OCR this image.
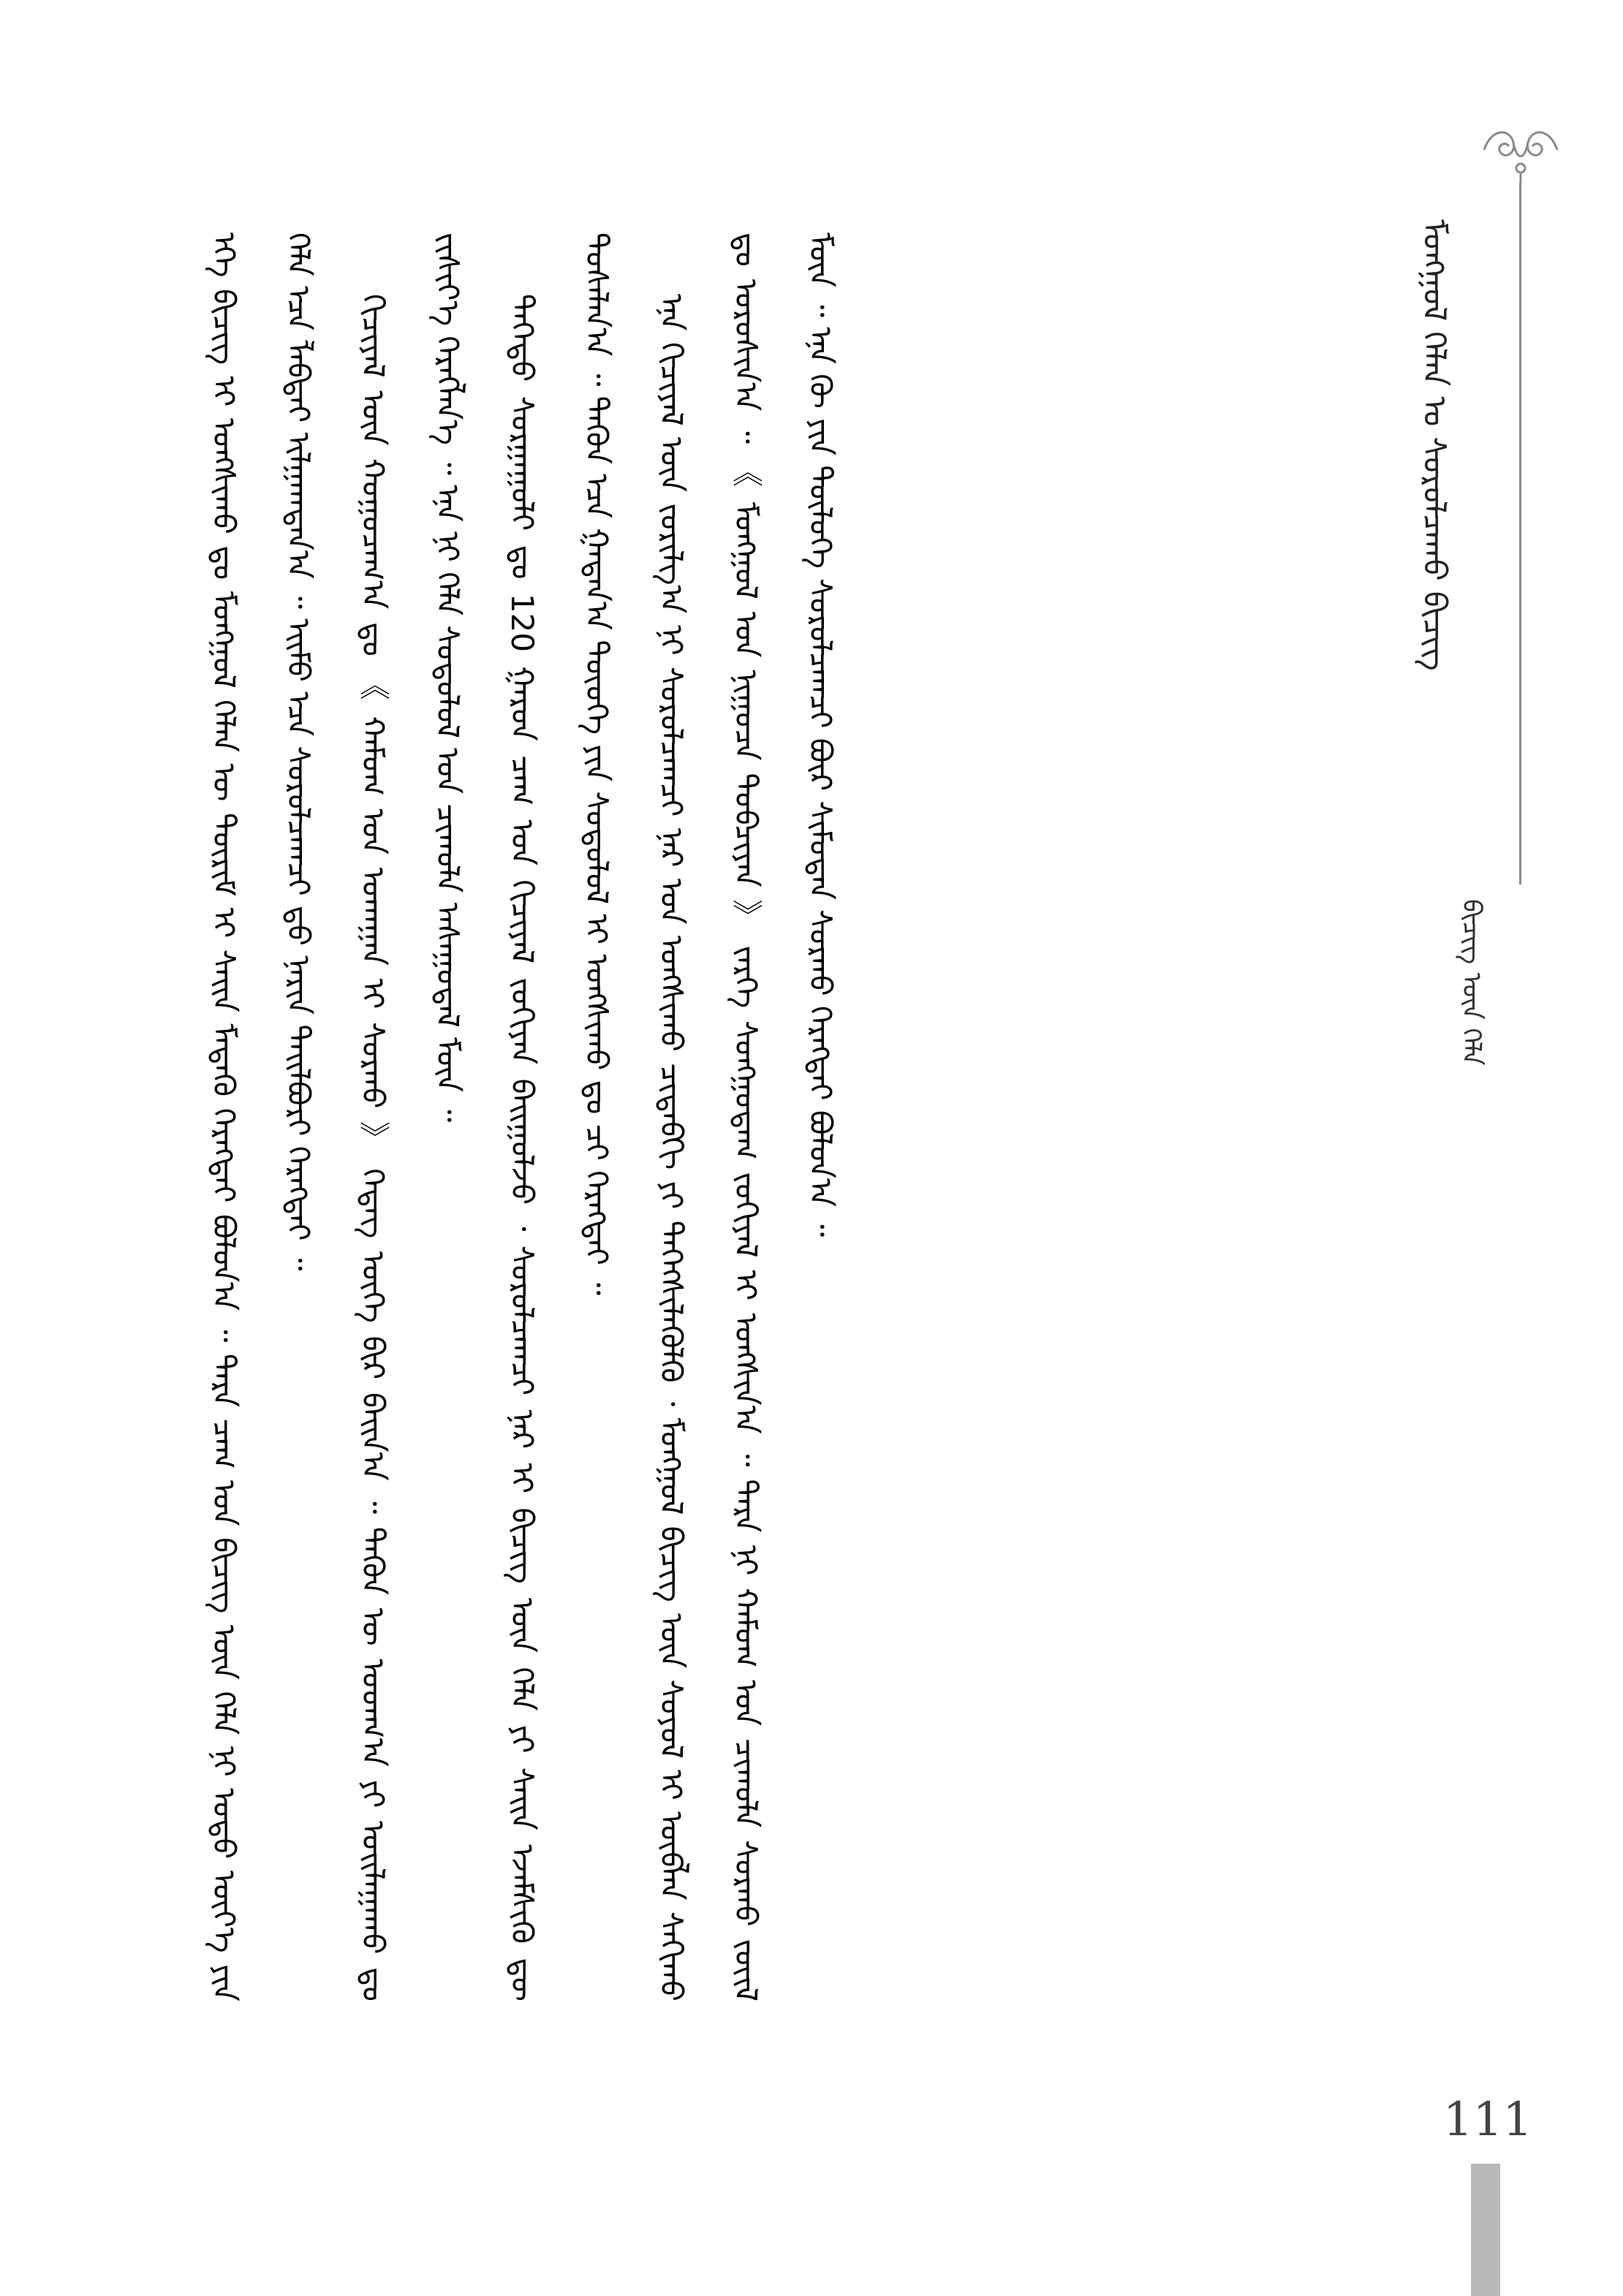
ᠮᠣᠩᠭᠣᠯ ᠬᠡᠯᠡᠨ ᠤ ᠰᠤᠷᠤᠯᠴᠠᠬᠤ ᠪᠢᠴᠢᠭ
ᠪᠢᠴᠢᠭ ᠦᠨ ᠬᠡᠯᠡ

ᠡᠬᠡ ᠪᠢᠴᠢᠭ ᠢ ᠤᠩᠰᠢᠬᠤ ᠳᠤ ᠮᠣᠩᠭᠣᠯ ᠬᠡᠯᠡᠨ ᠦ ᠳᠦᠷᠢᠮ ᠢ ᠰᠠᠢᠨ ᠮᠡᠳᠡᠬᠦ ᠬᠡᠷᠡᠭᠲᠡᠢ ᠪᠣᠯᠤᠨ᠎ᠠ ᠃ ᠲᠡᠷᠡ ᠴᠠᠭ ᠤᠨ ᠪᠢᠴᠢᠭ ᠦᠨ ᠬᠡᠯᠡ ᠨᠢ ᠣᠳᠣ ᠦᠶ᠎ᠡ ᠶᠢᠨ ᠬᠡᠯᠡ ᠡᠴᠡ ᠯᠠᠪᠳᠠᠢ ᠢᠯᠭᠠᠭᠳᠠᠨ᠎ᠠ ᠃ ᠡᠢᠮᠦ ᠡᠴᠡ ᠰᠤᠷᠤᠯᠴᠠᠭᠴᠢ ᠳ᠋ᠤ ᠨᠠᠷᠢᠨ ᠲᠠᠢᠯᠪᠤᠷᠢ ᠬᠡᠷᠡᠭᠲᠡᠢ ᠃	ᠬᠢᠴᠢᠶᠡᠯ ᠦᠨ ᠬᠤᠭᠤᠴᠠᠭ᠎ᠠ ᠳᠤ 《 ᠬᠠᠮᠤᠭ ᠤᠨ ᠤᠬᠠᠭᠠᠨ ᠢ ᠰᠤᠷᠬᠤ 》 ᠭᠡᠳᠡᠭ ᠦᠭᠡ ᠪᠢᠷ ᠪᠠᠢᠨ᠎ᠠ ᠃ ᠲᠡᠭᠦᠨ ᠦ ᠤᠳᠬ᠎ᠠ ᠶᠢ ᠣᠢᠯᠠᠭᠠᠬᠤ ᠳᠤ ᠵᠢᠱᠢᠶ᠎ᠡ ᠬᠡᠷᠡᠭᠯᠡᠨ᠎ᠡ ᠃ ᠡᠨᠡ ᠨᠢ ᠬᠡᠯᠡ ᠰᠤᠳᠤᠯᠤᠯ ᠤᠨ ᠴᠢᠬᠤᠯᠠ ᠠᠰᠠᠭᠤᠳᠠᠯ ᠮᠥᠨ ᠃	ᠳᠡᠭᠡᠳᠦ ᠰᠤᠷᠭᠠᠭᠤᠯᠢ ᠳᠤ 120 ᠭᠠᠷᠤᠨ ᠴᠠᠭ ᠤᠨ ᠬᠢᠴᠢᠶᠡᠯ ᠵᠣᠬᠢᠶᠠᠨ ᠪᠠᠢᠭᠤᠯᠵᠤ ᠂ ᠰᠤᠷᠤᠯᠴᠠᠭᠴᠢ ᠨᠠᠷ ᠢ ᠪᠢᠴᠢᠭ ᠦᠨ ᠬᠡᠯᠡ ᠶᠢ ᠰᠠᠢᠨ ᠡᠵᠡᠮᠰᠢᠬᠦ ᠳᠦ ᠲᠤᠰᠠᠯᠠᠨ᠎ᠠ ᠃ ᠲᠡᠭᠦᠨ ᠡᠴᠡ ᠭᠠᠳᠠᠨ᠎ᠠ ᠲᠦᠦᠬᠡ ᠶᠢᠨ ᠰᠤᠳᠤᠯᠤᠯ ᠢ ᠤᠩᠰᠢᠬᠤ ᠳᠤ ᠴᠢ ᠬᠡᠷᠡᠭᠲᠡᠢ ᠃	ᠡᠨᠡ ᠬᠢᠴᠢᠶᠡᠯ ᠦᠨ ᠵᠣᠷᠢᠯᠭ᠎ᠠ ᠨᠢ ᠰᠤᠷᠤᠯᠴᠠᠭᠴᠢ ᠨᠠᠷ ᠤᠨ ᠤᠩᠰᠢᠬᠤ ᠴᠢᠳᠠᠪᠬᠢ ᠶᠢ ᠳᠡᠭᠡᠭᠰᠢᠯᠡᠭᠦᠯᠬᠦ ᠂ ᠮᠣᠩᠭᠣᠯ ᠪᠢᠴᠢᠭ ᠦᠨ ᠰᠣᠶᠣᠯ ᠢ ᠥᠪᠯᠡᠨ ᠰᠠᠬᠢᠬᠤ ᠳᠤ ᠣᠷᠣᠰᠢᠨ᠎ᠠ ᠃ 《 ᠮᠣᠩᠭᠣᠯ ᠤᠨ ᠨᠢᠭᠤᠴᠠ ᠲᠤᠪᠴᠢᠶᠠᠨ 》 ᠵᠡᠷᠭᠡ ᠰᠣᠩᠭᠣᠳᠠᠭ ᠵᠣᠬᠢᠶᠠᠯ ᠢ ᠤᠩᠰᠢᠨ᠎ᠠ ᠃ ᠲᠡᠷᠡ ᠨᠢ ᠬᠠᠮᠤᠭ ᠤᠨ ᠴᠢᠬᠤᠯᠠ ᠰᠤᠷᠬᠤ ᠵᠦᠢᠯ ᠮᠥᠨ ᠃ ᠡᠨᠡ ᠬᠦ ᠶᠢᠨ ᠲᠥᠯᠦᠭᠡ ᠰᠤᠷᠤᠯᠴᠠᠭᠴᠢ ᠪᠦᠷ ᠰᠢᠮᠣᠳᠠᠨ ᠰᠤᠷᠬᠤ ᠬᠡᠷᠡᠭᠲᠡᠢ ᠪᠣᠯᠤᠨ᠎ᠠ ᠃

111
